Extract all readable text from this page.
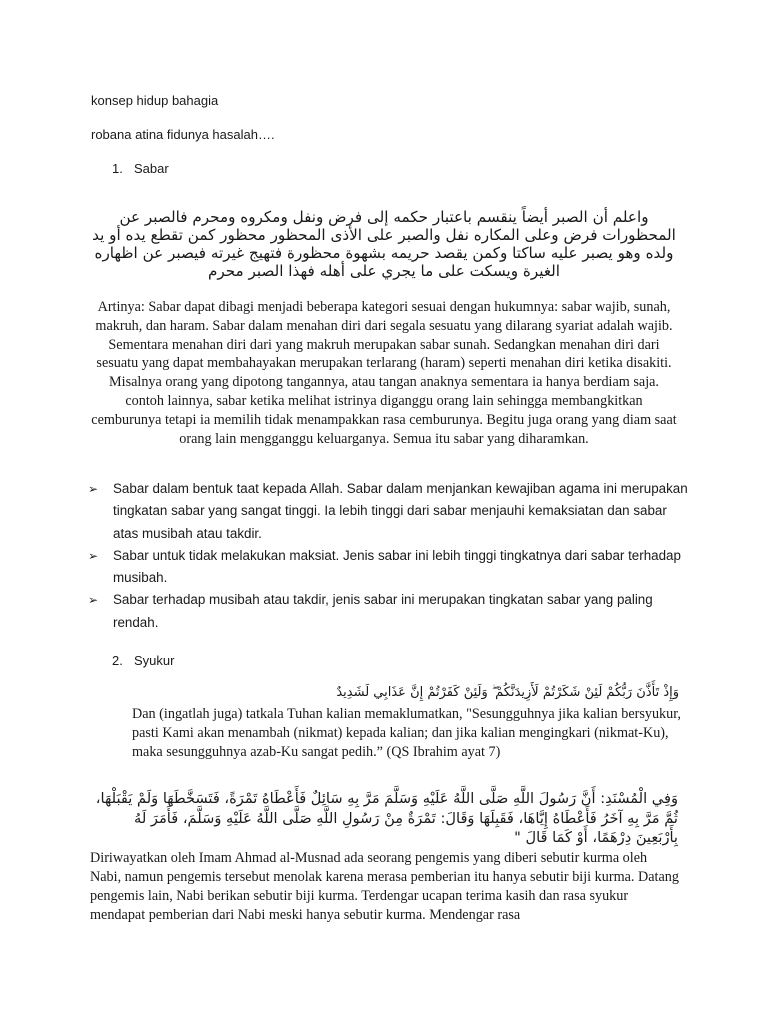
konsep hidup bahagia
robana atina fidunya hasalah….
1. Sabar
واعلم أن الصبر أيضاً ينقسم باعتبار حكمه إلى فرض ونفل ومكروه ومحرم فالصبر عن المحظورات فرض وعلى المكاره نفل والصبر على الأذى المحظور محظور كمن تقطع يده أو يد ولده وهو يصبر عليه ساكتا وكمن يقصد حريمه بشهوة محظورة فتهيج غيرته فيصبر عن اظهاره الغيرة ويسكت على ما يجري على أهله فهذا الصبر محرم
Artinya: Sabar dapat dibagi menjadi beberapa kategori sesuai dengan hukumnya: sabar wajib, sunah, makruh, dan haram. Sabar dalam menahan diri dari segala sesuatu yang dilarang syariat adalah wajib. Sementara menahan diri dari yang makruh merupakan sabar sunah. Sedangkan menahan diri dari sesuatu yang dapat membahayakan merupakan terlarang (haram) seperti menahan diri ketika disakiti. Misalnya orang yang dipotong tangannya, atau tangan anaknya sementara ia hanya berdiam saja. contoh lainnya, sabar ketika melihat istrinya diganggu orang lain sehingga membangkitkan cemburunya tetapi ia memilih tidak menampakkan rasa cemburunya. Begitu juga orang yang diam saat orang lain mengganggu keluarganya. Semua itu sabar yang diharamkan.
➢ Sabar dalam bentuk taat kepada Allah. Sabar dalam menjankan kewajiban agama ini merupakan tingkatan sabar yang sangat tinggi. Ia lebih tinggi dari sabar menjauhi kemaksiatan dan sabar atas musibah atau takdir.
➢ Sabar untuk tidak melakukan maksiat. Jenis sabar ini lebih tinggi tingkatnya dari sabar terhadap musibah.
➢ Sabar terhadap musibah atau takdir, jenis sabar ini merupakan tingkatan sabar yang paling rendah.
2. Syukur
وَإِذْ تَأَذَّنَ رَبُّكُمْ لَئِنْ شَكَرْتُمْ لَأَزِيدَنَّكُمْ ۖ وَلَئِنْ كَفَرْتُمْ إِنَّ عَذَابِي لَشَدِيدٌ
Dan (ingatlah juga) tatkala Tuhan kalian memaklumatkan, "Sesungguhnya jika kalian bersyukur, pasti Kami akan menambah (nikmat) kepada kalian; dan jika kalian mengingkari (nikmat-Ku), maka sesungguhnya azab-Ku sangat pedih.” (QS Ibrahim ayat 7)
وَفِي الْمُسْنَدِ: أَنَّ رَسُولَ اللَّهِ صَلَّى اللَّهُ عَلَيْهِ وَسَلَّمَ مَرَّ بِهِ سَائِلٌ فَأَعْطَاهُ تَمْرَةً، فَتَسَخَّطَهَا وَلَمْ يَقْبَلْهَا، ثُمَّ مَرَّ بِهِ آخَرُ فَأَعْطَاهُ إِيَّاهَا، فَقَبِلَهَا وَقَالَ: تَمْرَةٌ مِنْ رَسُولِ اللَّهِ صَلَّى اللَّهُ عَلَيْهِ وَسَلَّمَ، فَأَمَرَ لَهُ بِأَرْبَعِينَ دِرْهَمًا، أَوْ كَمَا قَالَ "
Diriwayatkan oleh Imam Ahmad al-Musnad ada seorang pengemis yang diberi sebutir kurma oleh Nabi, namun pengemis tersebut menolak karena merasa pemberian itu hanya sebutir biji kurma. Datang pengemis lain, Nabi berikan sebutir biji kurma. Terdengar ucapan terima kasih dan rasa syukur mendapat pemberian dari Nabi meski hanya sebutir kurma. Mendengar rasa
